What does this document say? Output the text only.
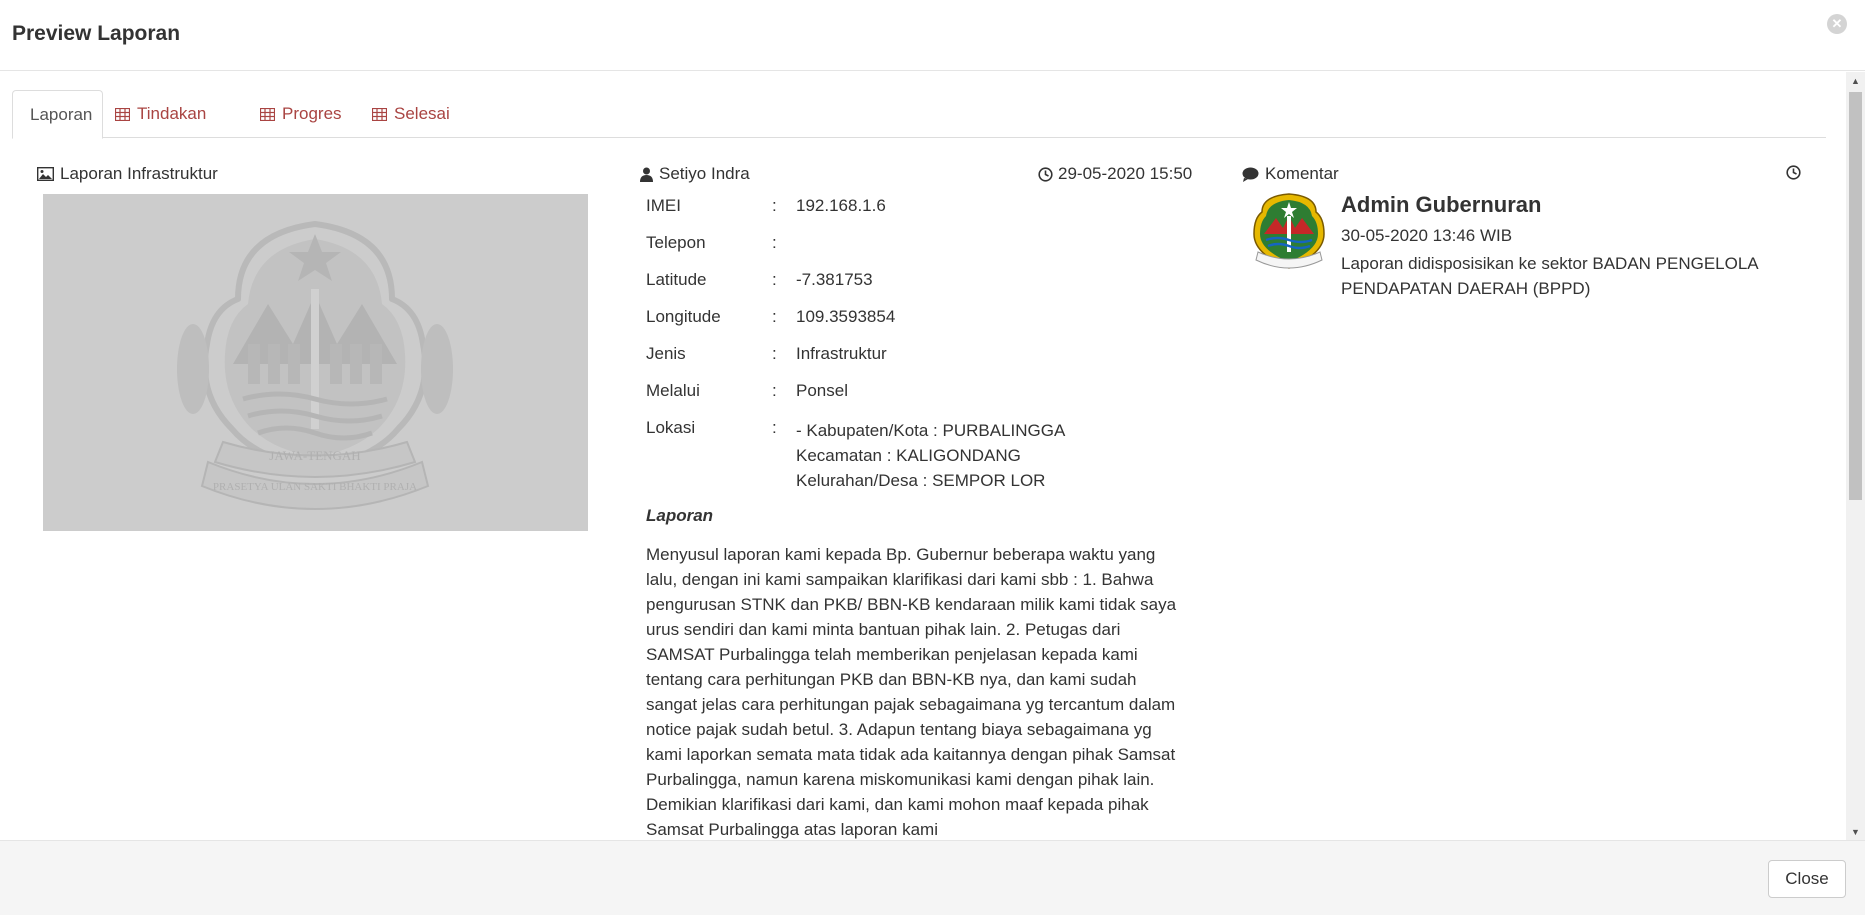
Preview Laporan	✕
Laporan	Tindakan	Progres	Selesai
Laporan Infrastruktur
JAWA-TENGAH
PRASETYA ULAN SAKTI BHAKTI PRAJA
Setiyo Indra	29-05-2020 15:50
IMEI	: 192.168.1.6
Telepon	:
Latitude	: -7.381753
Longitude	: 109.3593854
Jenis	: Infrastruktur
Melalui	: Ponsel
Lokasi	: - Kabupaten/Kota : PURBALINGGA
Kecamatan : KALIGONDANG
Kelurahan/Desa : SEMPOR LOR
Laporan
Menyusul laporan kami kepada Bp. Gubernur beberapa waktu yang lalu, dengan ini kami sampaikan klarifikasi dari kami sbb : 1. Bahwa pengurusan STNK dan PKB/ BBN-KB kendaraan milik kami tidak saya urus sendiri dan kami minta bantuan pihak lain. 2. Petugas dari SAMSAT Purbalingga telah memberikan penjelasan kepada kami tentang cara perhitungan PKB dan BBN-KB nya, dan kami sudah sangat jelas cara perhitungan pajak sebagaimana yg tercantum dalam notice pajak sudah betul. 3. Adapun tentang biaya sebagaimana yg kami laporkan semata mata tidak ada kaitannya dengan pihak Samsat Purbalingga, namun karena miskomunikasi kami dengan pihak lain. Demikian klarifikasi dari kami, dan kami mohon maaf kepada pihak Samsat Purbalingga atas laporan kami
Komentar
Admin Gubernuran
30-05-2020 13:46 WIB
Laporan didisposisikan ke sektor BADAN PENGELOLA PENDAPATAN DAERAH (BPPD)
▲
▼
Close
